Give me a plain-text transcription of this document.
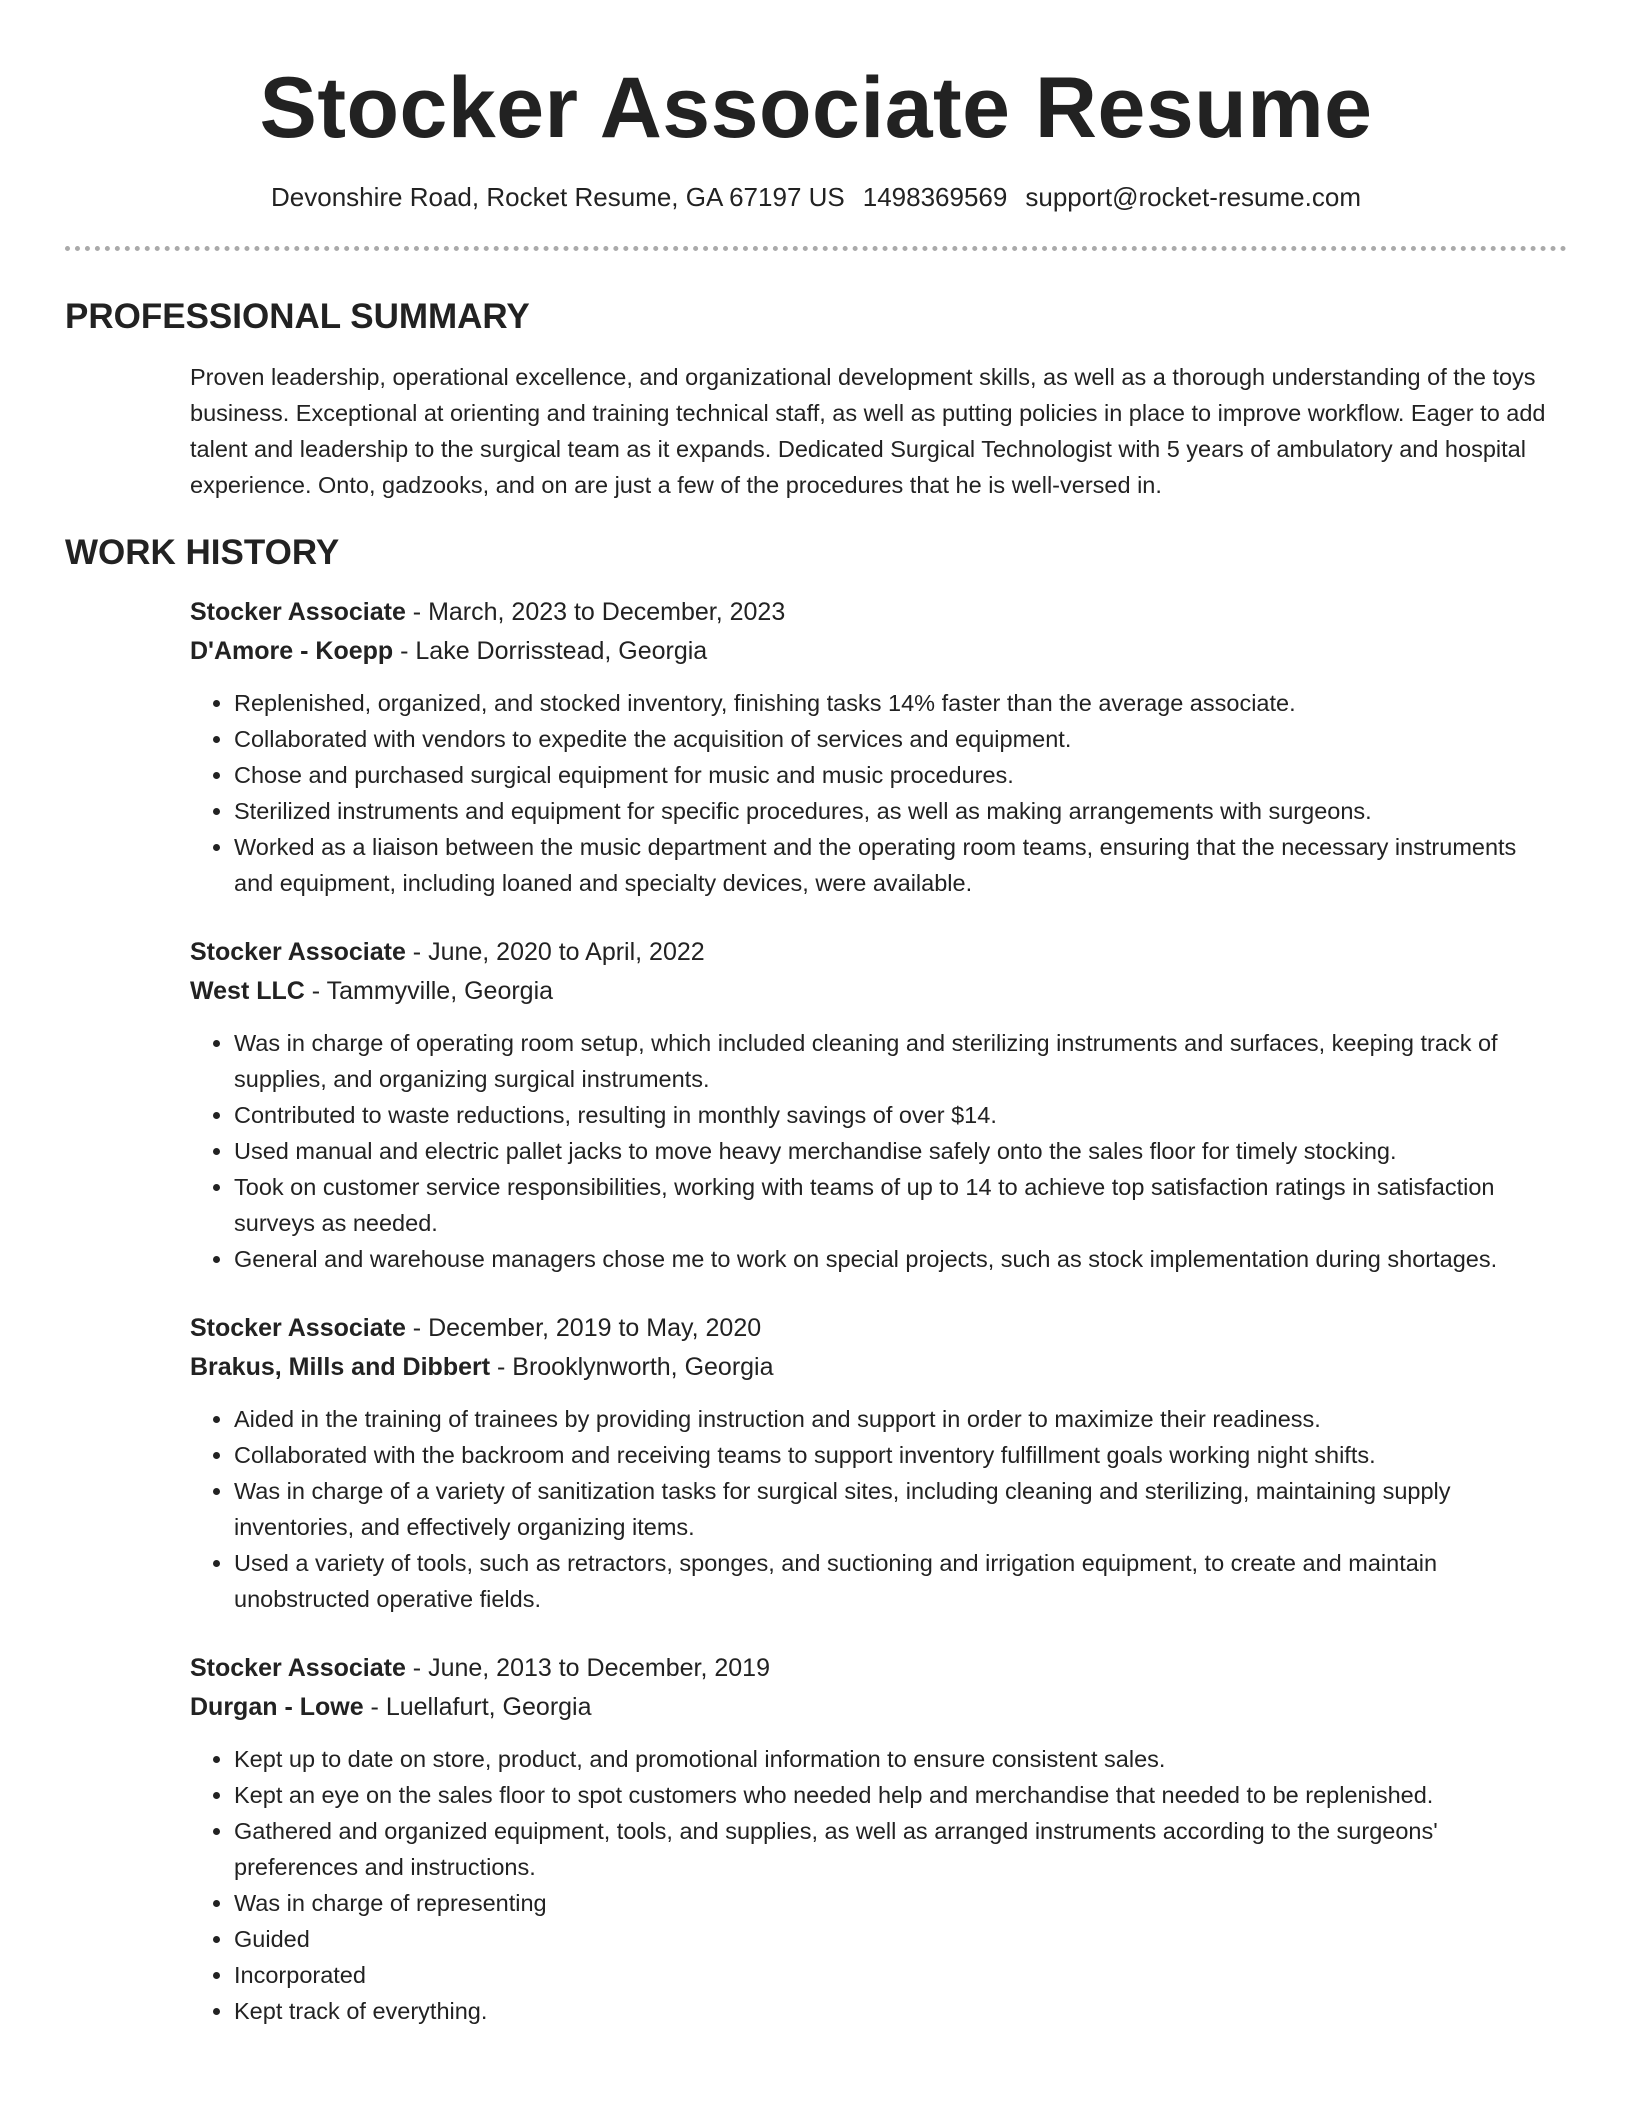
Stocker Associate Resume
Devonshire Road, Rocket Resume, GA 67197 US 1498369569 support@rocket-resume.com
PROFESSIONAL SUMMARY

Proven leadership, operational excellence, and organizational development skills, as well as a thorough understanding of the toys business. Exceptional at orienting and training technical staff, as well as putting policies in place to improve workflow. Eager to add talent and leadership to the surgical team as it expands. Dedicated Surgical Technologist with 5 years of ambulatory and hospital experience. Onto, gadzooks, and on are just a few of the procedures that he is well-versed in.

WORK HISTORY
Stocker Associate - March, 2023 to December, 2023
D'Amore - Koepp - Lake Dorrisstead, Georgia
• Replenished, organized, and stocked inventory, finishing tasks 14% faster than the average associate.
• Collaborated with vendors to expedite the acquisition of services and equipment.
• Chose and purchased surgical equipment for music and music procedures.
• Sterilized instruments and equipment for specific procedures, as well as making arrangements with surgeons.
• Worked as a liaison between the music department and the operating room teams, ensuring that the necessary instruments and equipment, including loaned and specialty devices, were available.
Stocker Associate - June, 2020 to April, 2022
West LLC - Tammyville, Georgia
• Was in charge of operating room setup, which included cleaning and sterilizing instruments and surfaces, keeping track of supplies, and organizing surgical instruments.
• Contributed to waste reductions, resulting in monthly savings of over $14.
• Used manual and electric pallet jacks to move heavy merchandise safely onto the sales floor for timely stocking.
• Took on customer service responsibilities, working with teams of up to 14 to achieve top satisfaction ratings in satisfaction surveys as needed.
• General and warehouse managers chose me to work on special projects, such as stock implementation during shortages.
Stocker Associate - December, 2019 to May, 2020
Brakus, Mills and Dibbert - Brooklynworth, Georgia
• Aided in the training of trainees by providing instruction and support in order to maximize their readiness.
• Collaborated with the backroom and receiving teams to support inventory fulfillment goals working night shifts.
• Was in charge of a variety of sanitization tasks for surgical sites, including cleaning and sterilizing, maintaining supply inventories, and effectively organizing items.
• Used a variety of tools, such as retractors, sponges, and suctioning and irrigation equipment, to create and maintain unobstructed operative fields.
Stocker Associate - June, 2013 to December, 2019
Durgan - Lowe - Luellafurt, Georgia
• Kept up to date on store, product, and promotional information to ensure consistent sales.
• Kept an eye on the sales floor to spot customers who needed help and merchandise that needed to be replenished.
• Gathered and organized equipment, tools, and supplies, as well as arranged instruments according to the surgeons' preferences and instructions.
• Was in charge of representing
• Guided
• Incorporated
• Kept track of everything.
